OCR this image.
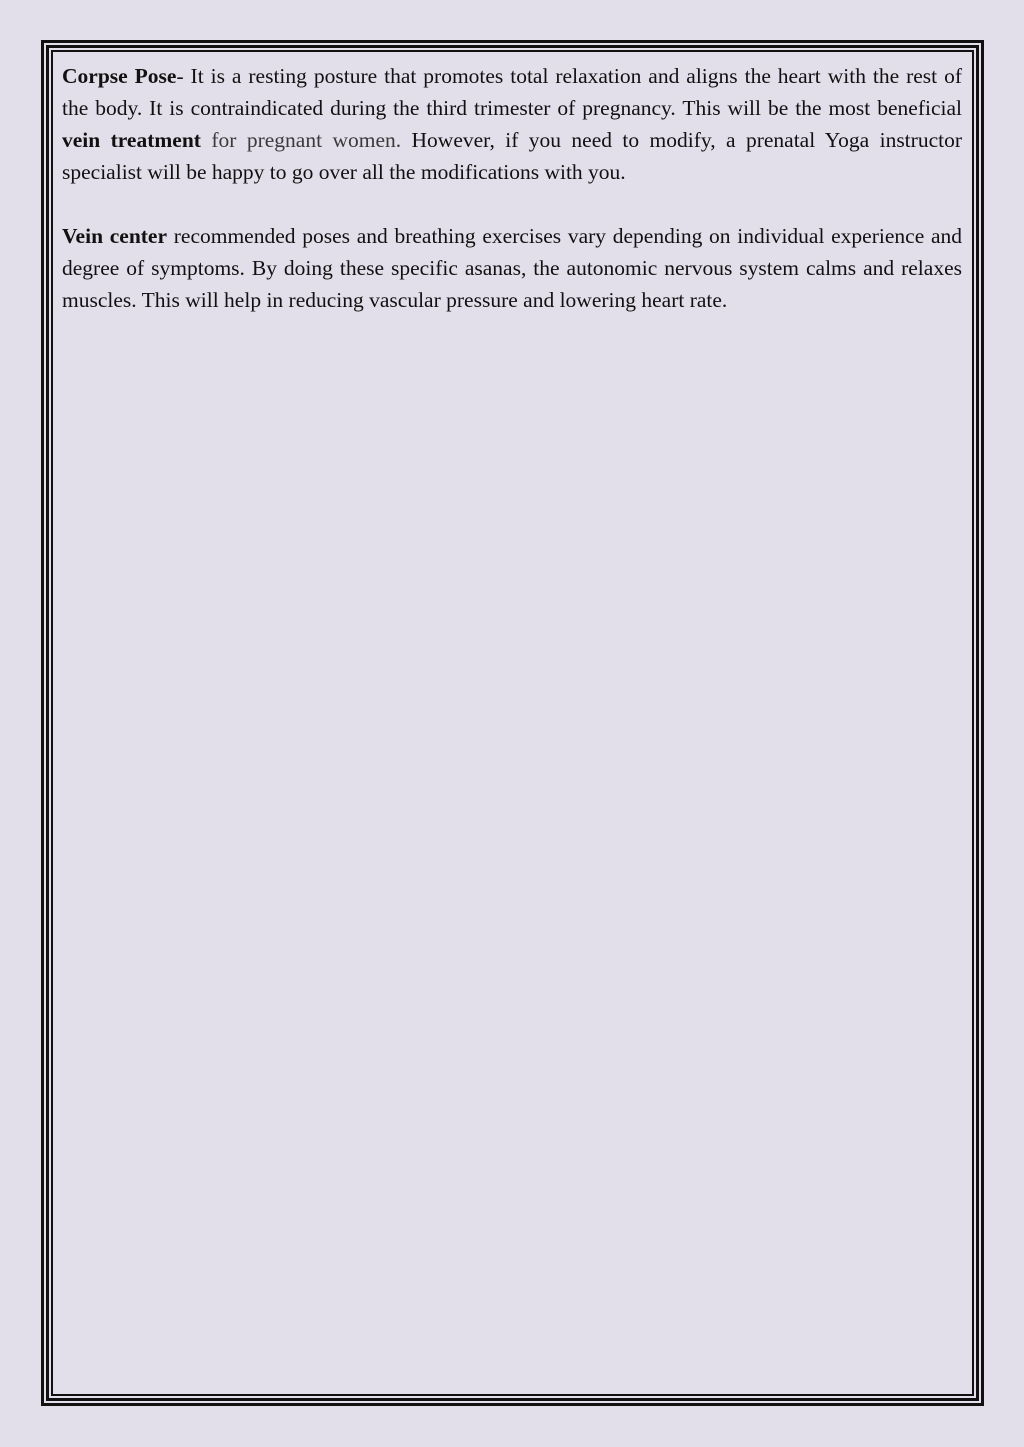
Corpse Pose- It is a resting posture that promotes total relaxation and aligns the heart with the rest of the body. It is contraindicated during the third trimester of pregnancy. This will be the most beneficial vein treatment for pregnant women. However, if you need to modify, a prenatal Yoga instructor specialist will be happy to go over all the modifications with you.

Vein center recommended poses and breathing exercises vary depending on individual experience and degree of symptoms. By doing these specific asanas, the autonomic nervous system calms and relaxes muscles. This will help in reducing vascular pressure and lowering heart rate.
